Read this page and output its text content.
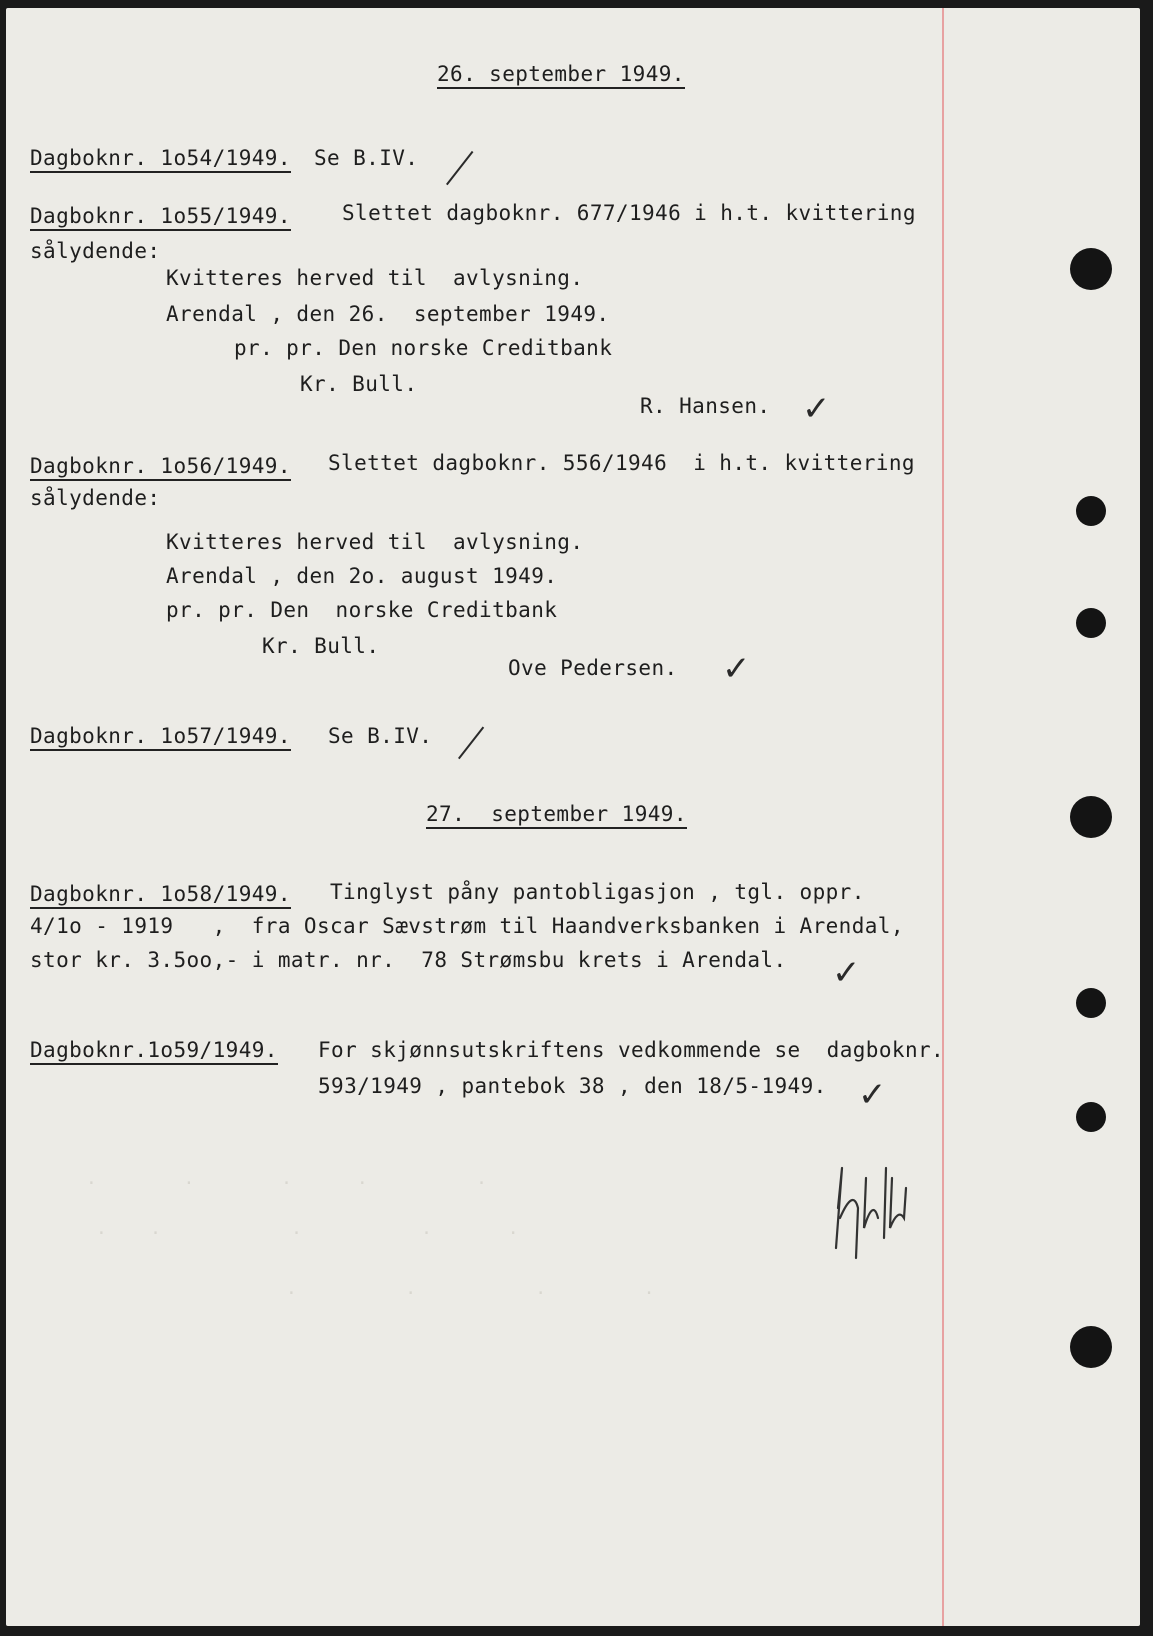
.        .        .      .          .
.    .            .           .       .
.          .           .         .
26. september 1949.
Dagboknr. 1o54/1949. Se B.IV.
Dagboknr. 1o55/1949. Slettet dagboknr. 677/1946 i h.t. kvittering
sålydende:
Kvitteres herved til  avlysning.
Arendal , den 26.  september 1949.
pr. pr. Den norske Creditbank
Kr. Bull.
R. Hansen. ✓
Dagboknr. 1o56/1949. Slettet dagboknr. 556/1946  i h.t. kvittering
sålydende:
Kvitteres herved til  avlysning.
Arendal , den 2o. august 1949.
pr. pr. Den  norske Creditbank
Kr. Bull.
Ove Pedersen. ✓
Dagboknr. 1o57/1949. Se B.IV.
27.  september 1949.
Dagboknr. 1o58/1949. Tinglyst påny pantobligasjon , tgl. oppr.
4/1o - 1919   ,  fra Oscar Sævstrøm til Haandverksbanken i Arendal,
stor kr. 3.5oo,- i matr. nr.  78 Strømsbu krets i Arendal. ✓
Dagboknr.1o59/1949. For skjønnsutskriftens vedkommende se  dagboknr.
593/1949 , pantebok 38 , den 18/5-1949. ✓
